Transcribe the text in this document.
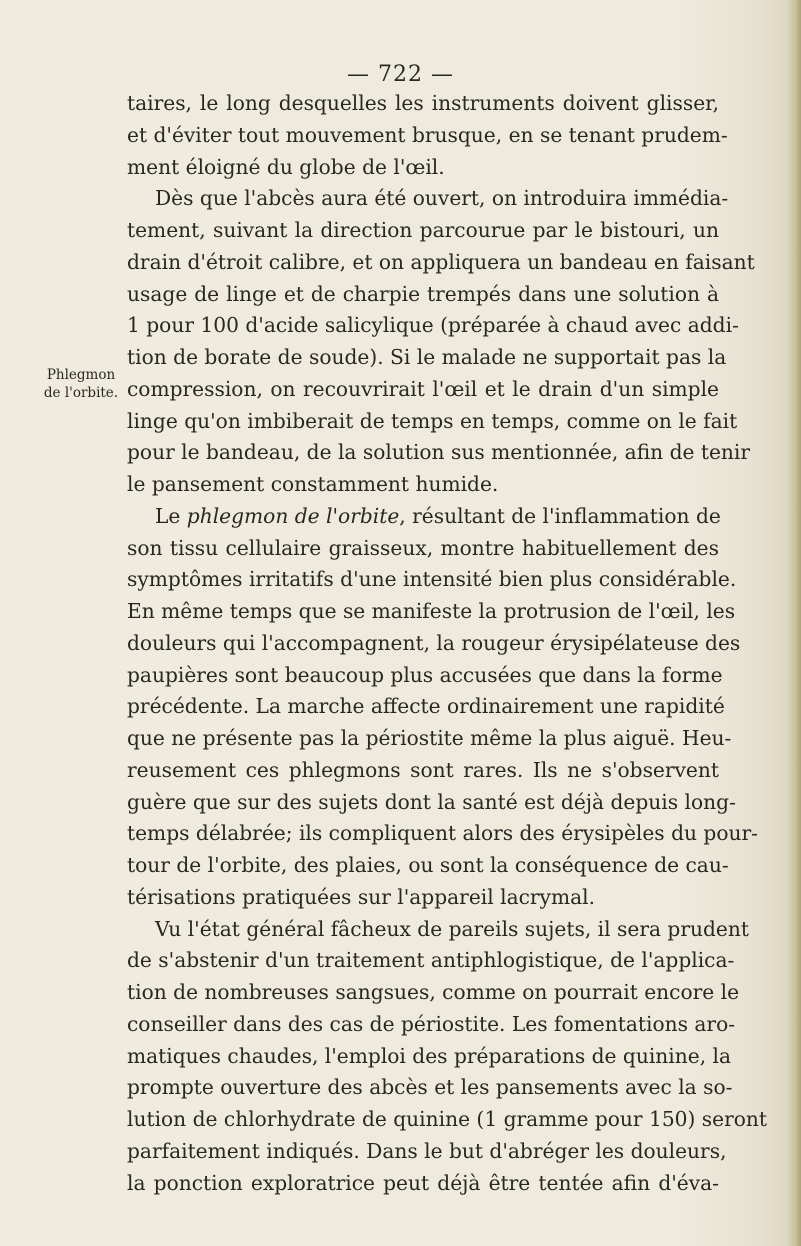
— 722 —
Phlegmon
de l'orbite.
taires, le long desquelles les instruments doivent glisser,
et d'éviter tout mouvement brusque, en se tenant prudem-
ment éloigné du globe de l'œil.
Dès que l'abcès aura été ouvert, on introduira immédia-
tement, suivant la direction parcourue par le bistouri, un
drain d'étroit calibre, et on appliquera un bandeau en faisant
usage de linge et de charpie trempés dans une solution à
1 pour 100 d'acide salicylique (préparée à chaud avec addi-
tion de borate de soude). Si le malade ne supportait pas la
compression, on recouvrirait l'œil et le drain d'un simple
linge qu'on imbiberait de temps en temps, comme on le fait
pour le bandeau, de la solution sus mentionnée, afin de tenir
le pansement constamment humide.
Le phlegmon de l'orbite, résultant de l'inflammation de
son tissu cellulaire graisseux, montre habituellement des
symptômes irritatifs d'une intensité bien plus considérable.
En même temps que se manifeste la protrusion de l'œil, les
douleurs qui l'accompagnent, la rougeur érysipélateuse des
paupières sont beaucoup plus accusées que dans la forme
précédente. La marche affecte ordinairement une rapidité
que ne présente pas la périostite même la plus aiguë. Heu-
reusement ces phlegmons sont rares. Ils ne s'observent
guère que sur des sujets dont la santé est déjà depuis long-
temps délabrée; ils compliquent alors des érysipèles du pour-
tour de l'orbite, des plaies, ou sont la conséquence de cau-
térisations pratiquées sur l'appareil lacrymal.
Vu l'état général fâcheux de pareils sujets, il sera prudent
de s'abstenir d'un traitement antiphlogistique, de l'applica-
tion de nombreuses sangsues, comme on pourrait encore le
conseiller dans des cas de périostite. Les fomentations aro-
matiques chaudes, l'emploi des préparations de quinine, la
prompte ouverture des abcès et les pansements avec la so-
lution de chlorhydrate de quinine (1 gramme pour 150) seront
parfaitement indiqués. Dans le but d'abréger les douleurs,
la ponction exploratrice peut déjà être tentée afin d'éva-
